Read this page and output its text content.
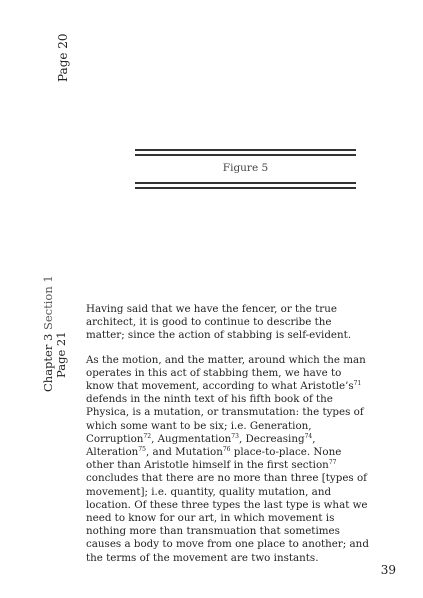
Page 20
Chapter 3 Section 1
Page 21
Figure 5

Having said that we have the fencer, or the true architect, it is good to continue to describe the matter; since the action of stabbing is self-evident.

As the motion, and the matter, around which the man operates in this act of stabbing them, we have to know that movement, according to what $Aristotle’s^{71}$ defends in the ninth text of his fifth book of the Physica, is a mutation, or transmutation: the types of which some want to be six; i.e. Generation, Corruption$^{72}$, Augmentation$^{73}$, Decreasing$^{74}$, Alteration$^{75}$, and Mutation$^{76}$ place-to-place. None other than Aristotle himself in the first section$^{77}$ concludes that there are no more than three [types of movement]; i.e. quantity, quality mutation, and location. Of these three types the last type is what we need to know for our art, in which movement is nothing more than transmuation that sometimes causes a body to move from one place to another; and the terms of the movement are two instants.

39
